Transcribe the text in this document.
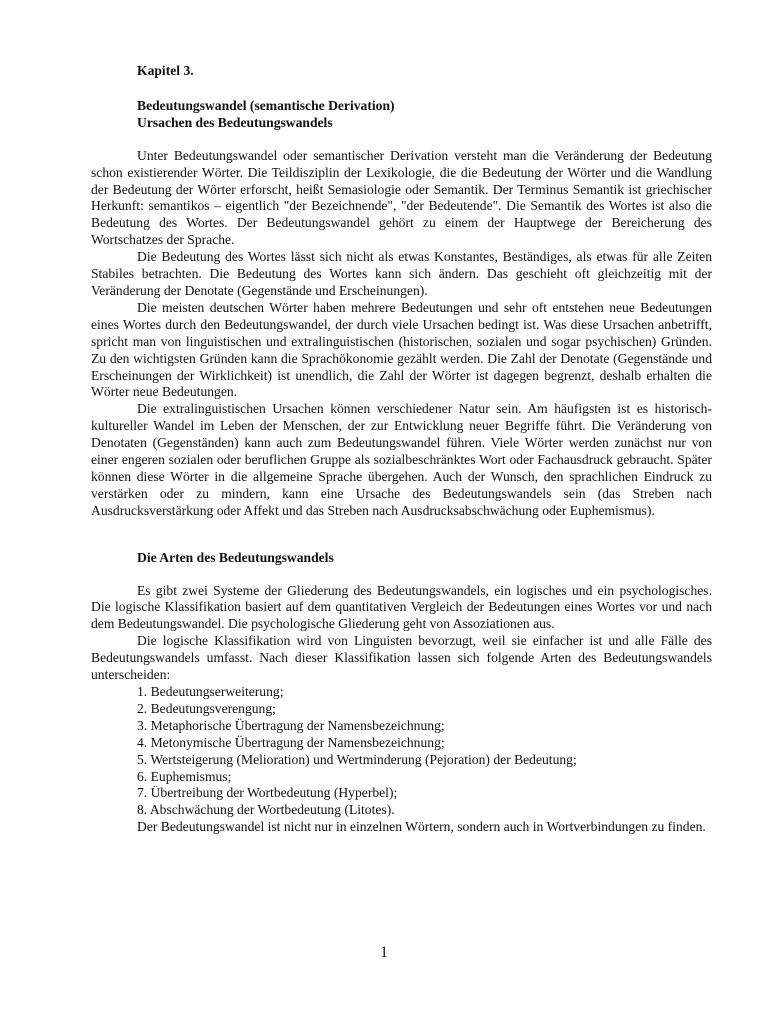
Kapitel 3.
Bedeutungswandel (semantische Derivation)
Ursachen des Bedeutungswandels

Unter Bedeutungswandel oder semantischer Derivation versteht man die Veränderung der Bedeutung schon existierender Wörter. Die Teildisziplin der Lexikologie, die die Bedeutung der Wörter und die Wandlung der Bedeutung der Wörter erforscht, heißt Semasiologie oder Semantik. Der Terminus Semantik ist griechischer Herkunft: semantikos – eigentlich "der Bezeichnende", "der Bedeutende". Die Semantik des Wortes ist also die Bedeutung des Wortes. Der Bedeutungswandel gehört zu einem der Hauptwege der Bereicherung des Wortschatzes der Sprache.

Die Bedeutung des Wortes lässt sich nicht als etwas Konstantes, Beständiges, als etwas für alle Zeiten Stabiles betrachten. Die Bedeutung des Wortes kann sich ändern. Das geschieht oft gleichzeitig mit der Veränderung der Denotate (Gegenstände und Erscheinungen).

Die meisten deutschen Wörter haben mehrere Bedeutungen und sehr oft entstehen neue Bedeutungen eines Wortes durch den Bedeutungswandel, der durch viele Ursachen bedingt ist. Was diese Ursachen anbetrifft, spricht man von linguistischen und extralinguistischen (historischen, sozialen und sogar psychischen) Gründen. Zu den wichtigsten Gründen kann die Sprachökonomie gezählt werden. Die Zahl der Denotate (Gegenstände und Erscheinungen der Wirklichkeit) ist unendlich, die Zahl der Wörter ist dagegen begrenzt, deshalb erhalten die Wörter neue Bedeutungen.

Die extralinguistischen Ursachen können verschiedener Natur sein. Am häufigsten ist es historisch-kultureller Wandel im Leben der Menschen, der zur Entwicklung neuer Begriffe führt. Die Veränderung von Denotaten (Gegenständen) kann auch zum Bedeutungswandel führen. Viele Wörter werden zunächst nur von einer engeren sozialen oder beruflichen Gruppe als sozialbeschränktes Wort oder Fachausdruck gebraucht. Später können diese Wörter in die allgemeine Sprache übergehen. Auch der Wunsch, den sprachlichen Eindruck zu verstärken oder zu mindern, kann eine Ursache des Bedeutungswandels sein (das Streben nach Ausdrucksverstärkung oder Affekt und das Streben nach Ausdrucksabschwächung oder Euphemismus).

Die Arten des Bedeutungswandels

Es gibt zwei Systeme der Gliederung des Bedeutungswandels, ein logisches und ein psychologisches. Die logische Klassifikation basiert auf dem quantitativen Vergleich der Bedeutungen eines Wortes vor und nach dem Bedeutungswandel. Die psychologische Gliederung geht von Assoziationen aus.

Die logische Klassifikation wird von Linguisten bevorzugt, weil sie einfacher ist und alle Fälle des Bedeutungswandels umfasst. Nach dieser Klassifikation lassen sich folgende Arten des Bedeutungswandels unterscheiden:

1. Bedeutungserweiterung;
2. Bedeutungsverengung;
3. Metaphorische Übertragung der Namensbezeichnung;
4. Metonymische Übertragung der Namensbezeichnung;
5. Wertsteigerung (Melioration) und Wertminderung (Pejoration) der Bedeutung;
6. Euphemismus;
7. Übertreibung der Wortbedeutung (Hyperbel);
8. Abschwächung der Wortbedeutung (Litotes).

Der Bedeutungswandel ist nicht nur in einzelnen Wörtern, sondern auch in Wortverbindungen zu finden.

1
